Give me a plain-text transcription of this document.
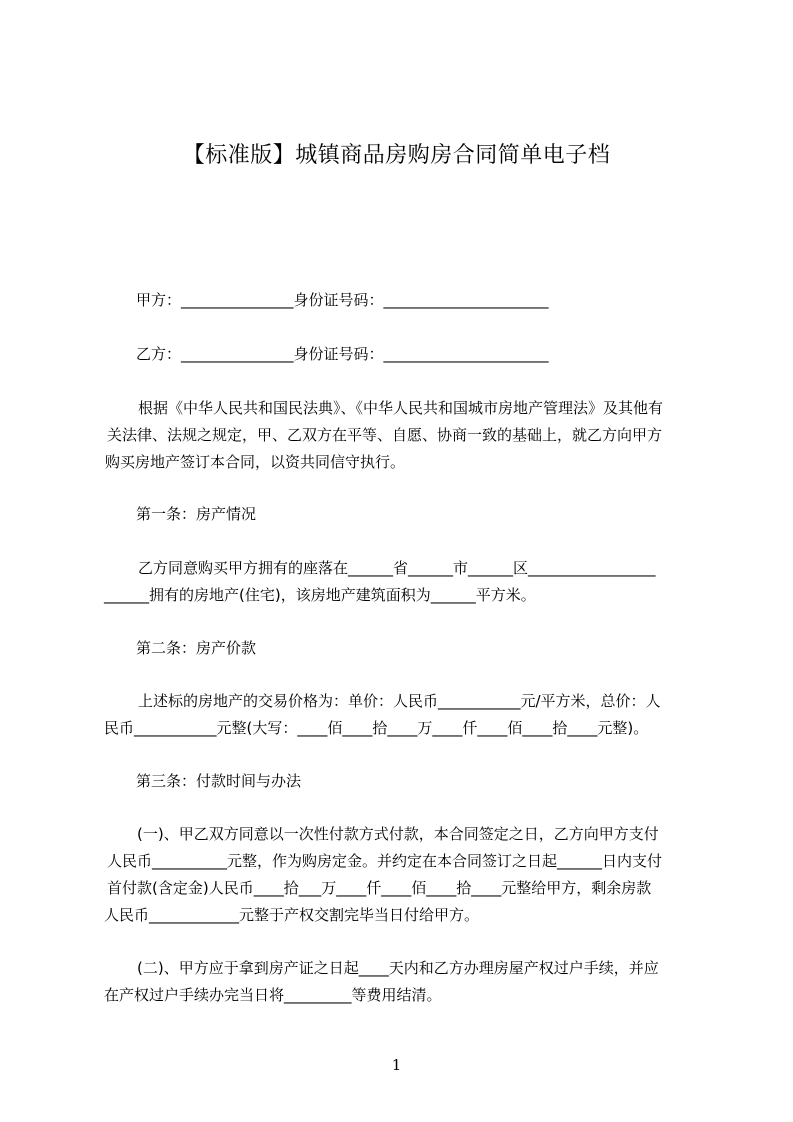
【标准版】城镇商品房购房合同简单电子档
甲方：_______________身份证号码：______________________
乙方：_______________身份证号码：______________________
根据《中华人民共和国民法典》、《中华人民共和国城市房地产管理法》及其他有
关法律、法规之规定，甲、乙双方在平等、自愿、协商一致的基础上，就乙方向甲方
购买房地产签订本合同，以资共同信守执行。
第一条：房产情况
乙方同意购买甲方拥有的座落在______省______市______区_________________
______拥有的房地产(住宅)，该房地产建筑面积为______平方米。
第二条：房产价款
上述标的房地产的交易价格为：单价：人民币___________元/平方米，总价：人
民币___________元整(大写：____佰____拾____万____仟____佰____拾____元整)。
第三条：付款时间与办法
(一)、甲乙双方同意以一次性付款方式付款，本合同签定之日，乙方向甲方支付
人民币__________元整，作为购房定金。并约定在本合同签订之日起______日内支付
首付款(含定金)人民币____拾___万____仟____佰____拾____元整给甲方，剩余房款
人民币____________元整于产权交割完毕当日付给甲方。
(二)、甲方应于拿到房产证之日起____天内和乙方办理房屋产权过户手续，并应
在产权过户手续办完当日将_________等费用结清。
1
